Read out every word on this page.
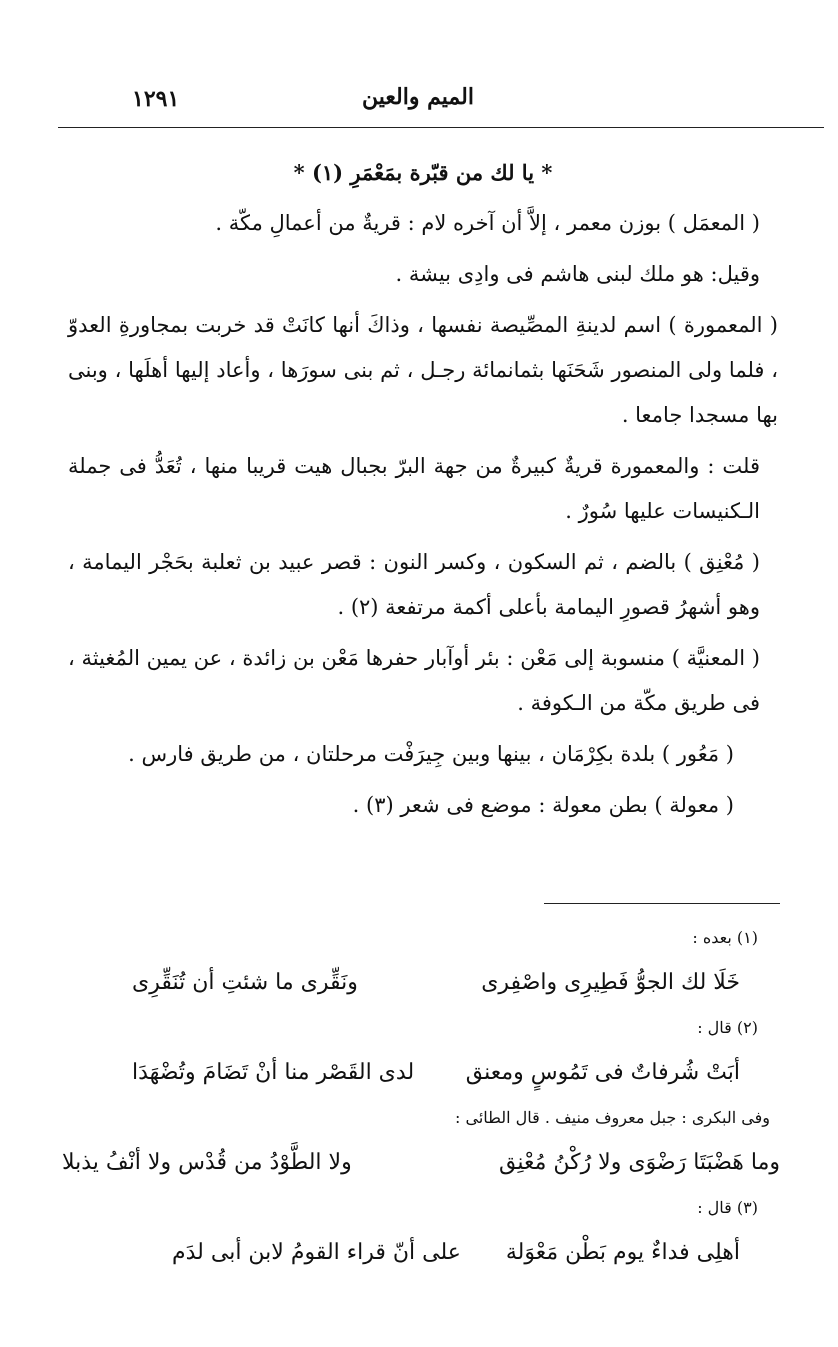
الميم والعين
١٢٩١

* يا لك من قبّرة بمَعْمَرِ (١) *

( المعمَل ) بوزن معمر ، إلاَّ أن آخره لام : قريةٌ من أعمالِ مكّة .

وقيل: هو ملك لبنى هاشم فى وادِى بيشة .

( المعمورة ) اسم لدينةِ المصِّيصة نفسها ، وذاكَ أنها كانَتْ قد خربت بمجاورةِ العدوّ ، فلما ولى المنصور شَحَنَها بثمانمائة رجـل ، ثم بنى سورَها ، وأعاد إليها أهلَها ، وبنى بها مسجدا جامعا .

قلت : والمعمورة قريةٌ كبيرةٌ من جهة البرّ بجبال هيت قريبا منها ، تُعَدُّ فى جملة الـكنيسات عليها سُورٌ .

( مُعْنِق ) بالضم ، ثم السكون ، وكسر النون : قصر عبيد بن ثعلبة بحَجْر اليمامة ، وهو أشهرُ قصورِ اليمامة بأعلى أكمة مرتفعة (٢) .

( المعنيَّة ) منسوبة إلى مَعْن : بئر أوآبار حفرها مَعْن بن زائدة ، عن يمين المُغيثة ، فى طريق مكّة من الـكوفة .

( مَعُور ) بلدة بكِرْمَان ، بينها وبين جِيرَفْت مرحلتان ، من طريق فارس .

( معولة ) بطن معولة : موضع فى شعر (٣) .

(١) بعده :
خَلَا لك الجوُّ فَطِيرِى واصْفِرى
ونَقِّرى ما شئتِ أن تُنَقِّرِى
(٢) قال :
أبَتْ شُرفاتٌ فى تَمُوسٍ ومعنق
لدى القَصْر منا أنْ تَضَامَ وتُضْهَدَا
وفى البكرى : جبل معروف منيف . قال الطائى :
وما هَضْبَتَا رَضْوَى ولا رُكْنُ مُعْنِق
ولا الطَّوْدُ من قُدْس ولا أنْفُ يذبلا
(٣) قال :
أهلِى فداءٌ يوم بَطْن مَعْوَلة
على أنّ قراء القومُ لابن أبى لدَم
